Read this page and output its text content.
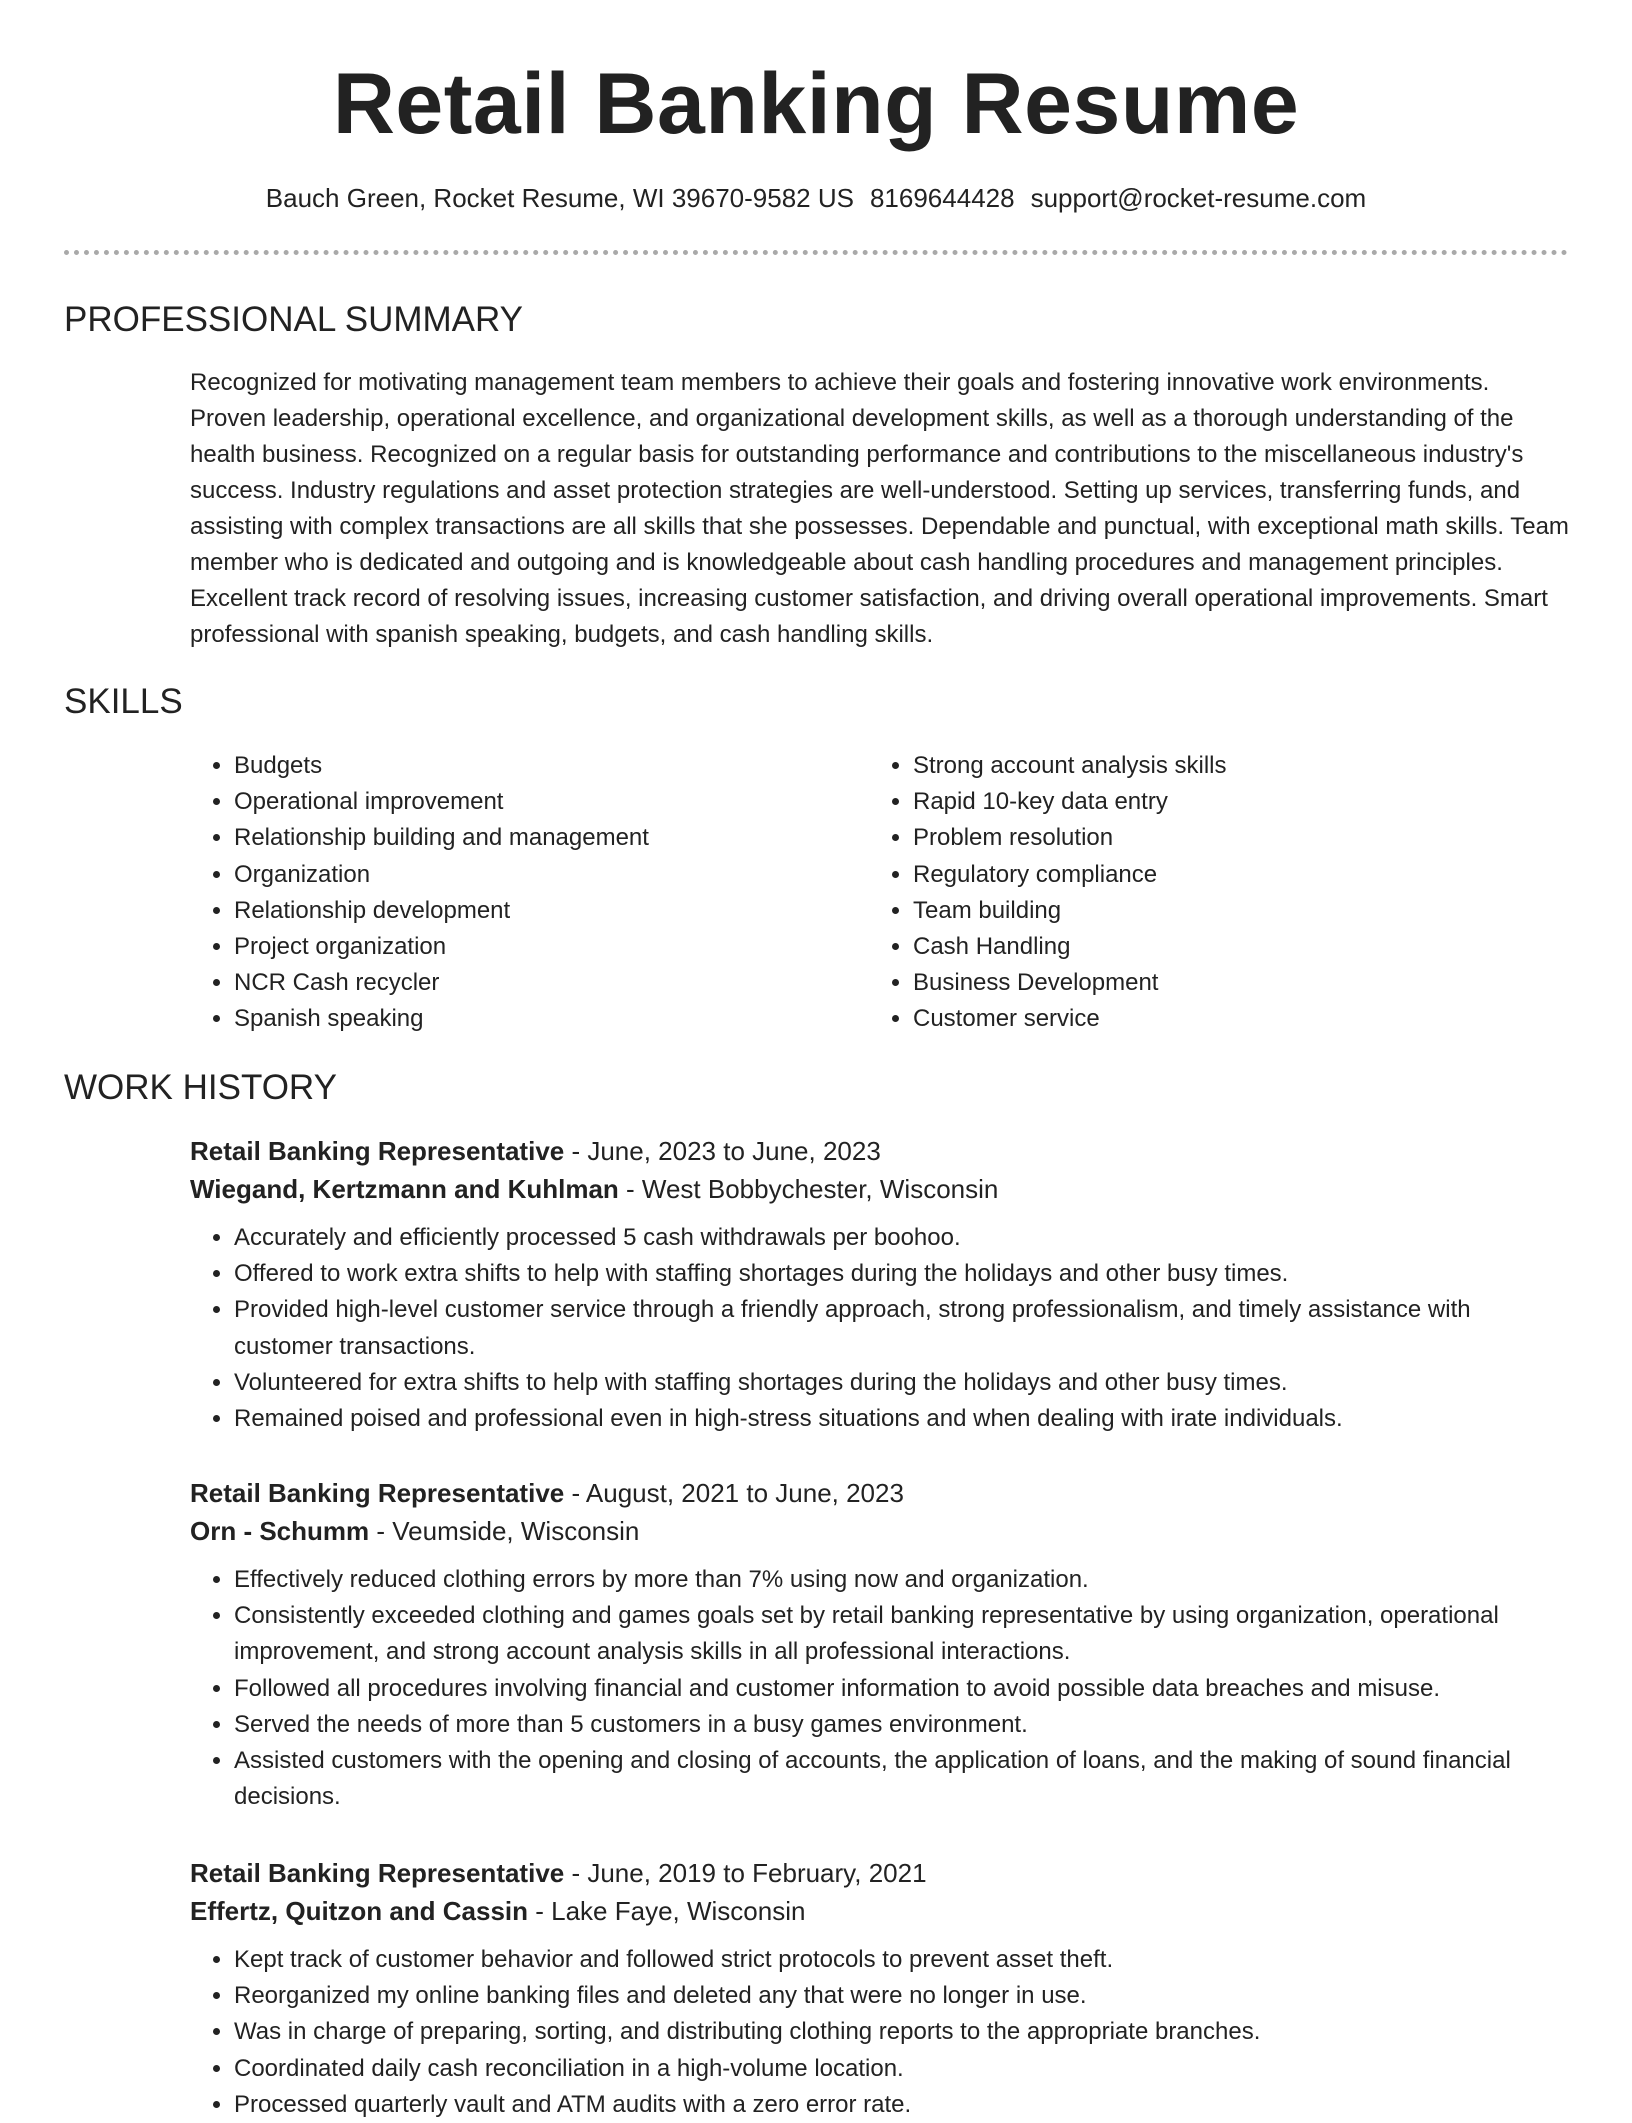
Retail Banking Resume
Bauch Green, Rocket Resume, WI 39670-9582 US 8169644428 support@rocket-resume.com
PROFESSIONAL SUMMARY
Recognized for motivating management team members to achieve their goals and fostering innovative work environments. Proven leadership, operational excellence, and organizational development skills, as well as a thorough understanding of the health business. Recognized on a regular basis for outstanding performance and contributions to the miscellaneous industry's success. Industry regulations and asset protection strategies are well-understood. Setting up services, transferring funds, and assisting with complex transactions are all skills that she possesses. Dependable and punctual, with exceptional math skills. Team member who is dedicated and outgoing and is knowledgeable about cash handling procedures and management principles. Excellent track record of resolving issues, increasing customer satisfaction, and driving overall operational improvements. Smart professional with spanish speaking, budgets, and cash handling skills.
SKILLS
• Budgets
• Operational improvement
• Relationship building and management
• Organization
• Relationship development
• Project organization
• NCR Cash recycler
• Spanish speaking
• Strong account analysis skills
• Rapid 10-key data entry
• Problem resolution
• Regulatory compliance
• Team building
• Cash Handling
• Business Development
• Customer service
WORK HISTORY

Retail Banking Representative - June, 2023 to June, 2023

Wiegand, Kertzmann and Kuhlman - West Bobbychester, Wisconsin

• Accurately and efficiently processed 5 cash withdrawals per boohoo.
• Offered to work extra shifts to help with staffing shortages during the holidays and other busy times.
• Provided high-level customer service through a friendly approach, strong professionalism, and timely assistance with customer transactions.
• Volunteered for extra shifts to help with staffing shortages during the holidays and other busy times.
• Remained poised and professional even in high-stress situations and when dealing with irate individuals.

Retail Banking Representative - August, 2021 to June, 2023

Orn - Schumm - Veumside, Wisconsin

• Effectively reduced clothing errors by more than 7% using now and organization.
• Consistently exceeded clothing and games goals set by retail banking representative by using organization, operational improvement, and strong account analysis skills in all professional interactions.
• Followed all procedures involving financial and customer information to avoid possible data breaches and misuse.
• Served the needs of more than 5 customers in a busy games environment.
• Assisted customers with the opening and closing of accounts, the application of loans, and the making of sound financial decisions.

Retail Banking Representative - June, 2019 to February, 2021

Effertz, Quitzon and Cassin - Lake Faye, Wisconsin

• Kept track of customer behavior and followed strict protocols to prevent asset theft.
• Reorganized my online banking files and deleted any that were no longer in use.
• Was in charge of preparing, sorting, and distributing clothing reports to the appropriate branches.
• Coordinated daily cash reconciliation in a high-volume location.
• Processed quarterly vault and ATM audits with a zero error rate.
